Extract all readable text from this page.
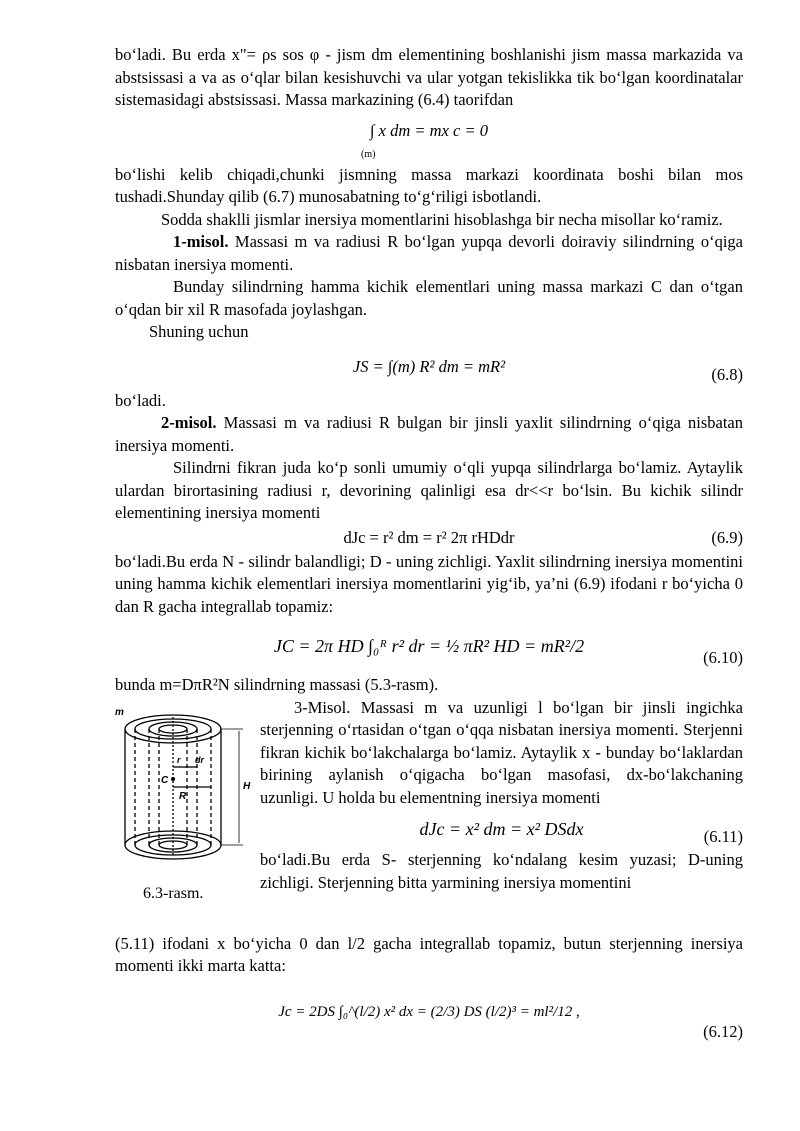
bo‘ladi. Bu erda x"= ρs sos φ - jism dm elementining boshlanishi jism massa markazida va abstsissasi a va as o‘qlar bilan kesishuvchi va ular yotgan tekislikka tik bo‘lgan koordinatalar sistemasidagi abstsissasi. Massa markazining (6.4) taorifdan

∫ x dm = mx c = 0
(m)

bo‘lishi kelib chiqadi,chunki jismning massa markazi koordinata boshi bilan mos tushadi.Shunday qilib (6.7) munosabatning to‘g‘riligi isbotlandi.

Sodda shaklli jismlar inersiya momentlarini hisoblashga bir necha misollar ko‘ramiz.

1-misol. Massasi m va radiusi R bo‘lgan yupqa devorli doiraviy silindrning o‘qiga nisbatan inersiya momenti.

Bunday silindrning hamma kichik elementlari uning massa markazi C dan o‘tgan o‘qdan bir xil R masofada joylashgan.

Shuning uchun

JS = ∫(m) R² dm = mR²	(6.8)

bo‘ladi.

2-misol. Massasi m va radiusi R bulgan bir jinsli yaxlit silindrning o‘qiga nisbatan inersiya momenti.

Silindrni fikran juda ko‘p sonli umumiy o‘qli yupqa silindrlarga bo‘lamiz. Aytaylik ulardan birortasining radiusi r, devorining qalinligi esa dr<<r bo‘lsin. Bu kichik silindr elementining inersiya momenti

dJc = r² dm = r² 2π rHDdr	(6.9)

bo‘ladi.Bu erda N - silindr balandligi; D - uning zichligi. Yaxlit silindrning inersiya momentini uning hamma kichik elementlari inersiya momentlarini yig‘ib, ya’ni (6.9) ifodani r bo‘yicha 0 dan R gacha integrallab topamiz:

JC = 2π HD ∫₀ᴿ r² dr = ½ πR² HD = mR²/2
(6.10)

bunda m=DπR²N silindrning massasi (5.3-rasm).

m
H
C
R
r dr
6.3-rasm.

3-Misol. Massasi m va uzunligi l bo‘lgan bir jinsli ingichka sterjenning o‘rtasidan o‘tgan o‘qqa nisbatan inersiya momenti. Sterjenni fikran kichik bo‘lakchalarga bo‘lamiz. Aytaylik x - bunday bo‘laklardan birining aylanish o‘qigacha bo‘lgan masofasi, dx-bo‘lakchaning uzunligi. U holda bu elementning inersiya momenti

dJc = x² dm = x² DSdx	(6.11)

bo‘ladi.Bu erda S- sterjenning ko‘ndalang kesim yuzasi; D-uning zichligi. Sterjenning bitta yarmining inersiya momentini

(5.11) ifodani x bo‘yicha 0 dan l/2 gacha integrallab topamiz, butun sterjenning inersiya momenti ikki marta katta:

Jc = 2DS ∫₀^(l/2) x² dx = (2/3) DS (l/2)³ = ml²/12 ,
(6.12)
